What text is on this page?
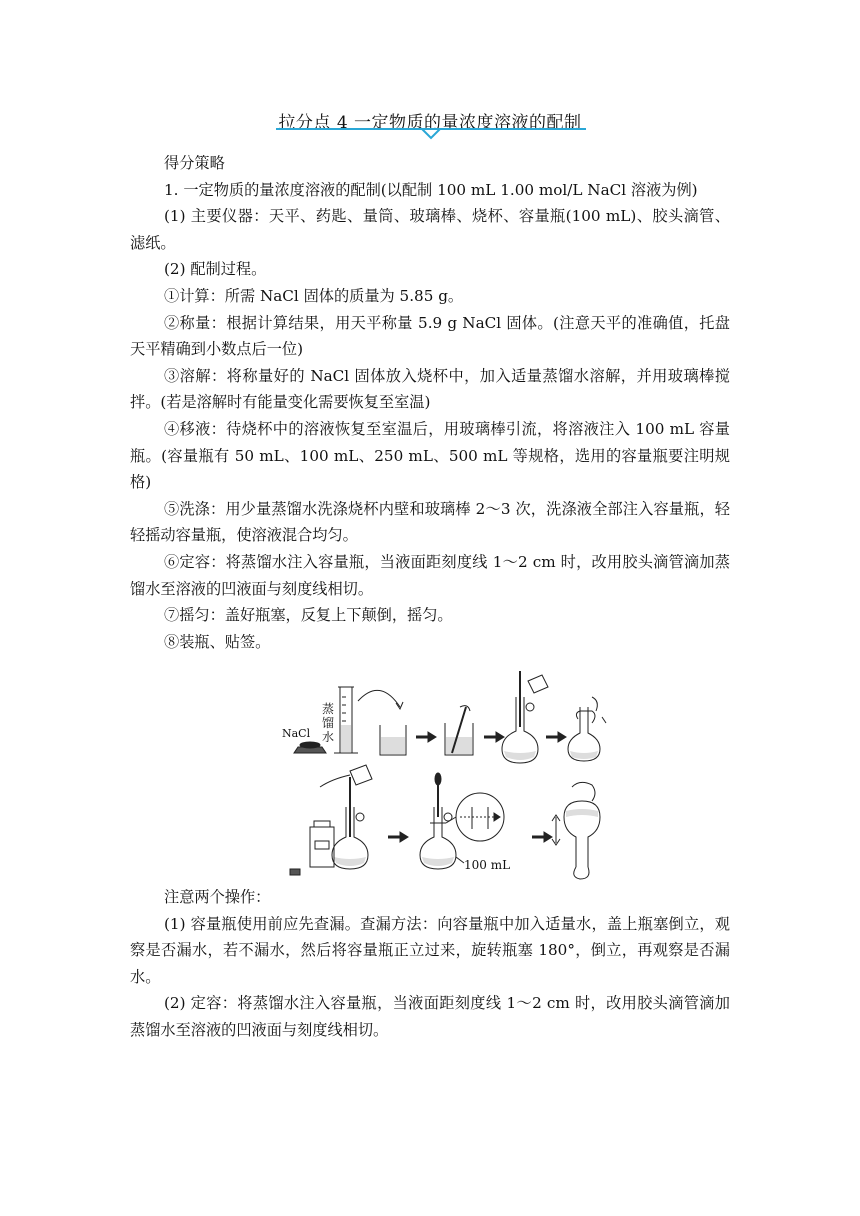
拉分点 4 一定物质的量浓度溶液的配制

得分策略

1. 一定物质的量浓度溶液的配制(以配制 100 mL 1.00 mol/L NaCl 溶液为例)

(1) 主要仪器：天平、药匙、量筒、玻璃棒、烧杯、容量瓶(100 mL)、胶头滴管、滤纸。

(2) 配制过程。

①计算：所需 NaCl 固体的质量为 5.85 g。

②称量：根据计算结果，用天平称量 5.9 g NaCl 固体。(注意天平的准确值，托盘天平精确到小数点后一位)

③溶解：将称量好的 NaCl 固体放入烧杯中，加入适量蒸馏水溶解，并用玻璃棒搅拌。(若是溶解时有能量变化需要恢复至室温)

④移液：待烧杯中的溶液恢复至室温后，用玻璃棒引流，将溶液注入 100 mL 容量瓶。(容量瓶有 50 mL、100 mL、250 mL、500 mL 等规格，选用的容量瓶要注明规格)

⑤洗涤：用少量蒸馏水洗涤烧杯内壁和玻璃棒 2～3 次，洗涤液全部注入容量瓶，轻轻摇动容量瓶，使溶液混合均匀。

⑥定容：将蒸馏水注入容量瓶，当液面距刻度线 1～2 cm 时，改用胶头滴管滴加蒸馏水至溶液的凹液面与刻度线相切。

⑦摇匀：盖好瓶塞，反复上下颠倒，摇匀。

⑧装瓶、贴签。

NaCl
蒸
馏
水
100 mL

注意两个操作：

(1) 容量瓶使用前应先查漏。查漏方法：向容量瓶中加入适量水，盖上瓶塞倒立，观察是否漏水，若不漏水，然后将容量瓶正立过来，旋转瓶塞 180°，倒立，再观察是否漏水。

(2) 定容：将蒸馏水注入容量瓶，当液面距刻度线 1～2 cm 时，改用胶头滴管滴加蒸馏水至溶液的凹液面与刻度线相切。
